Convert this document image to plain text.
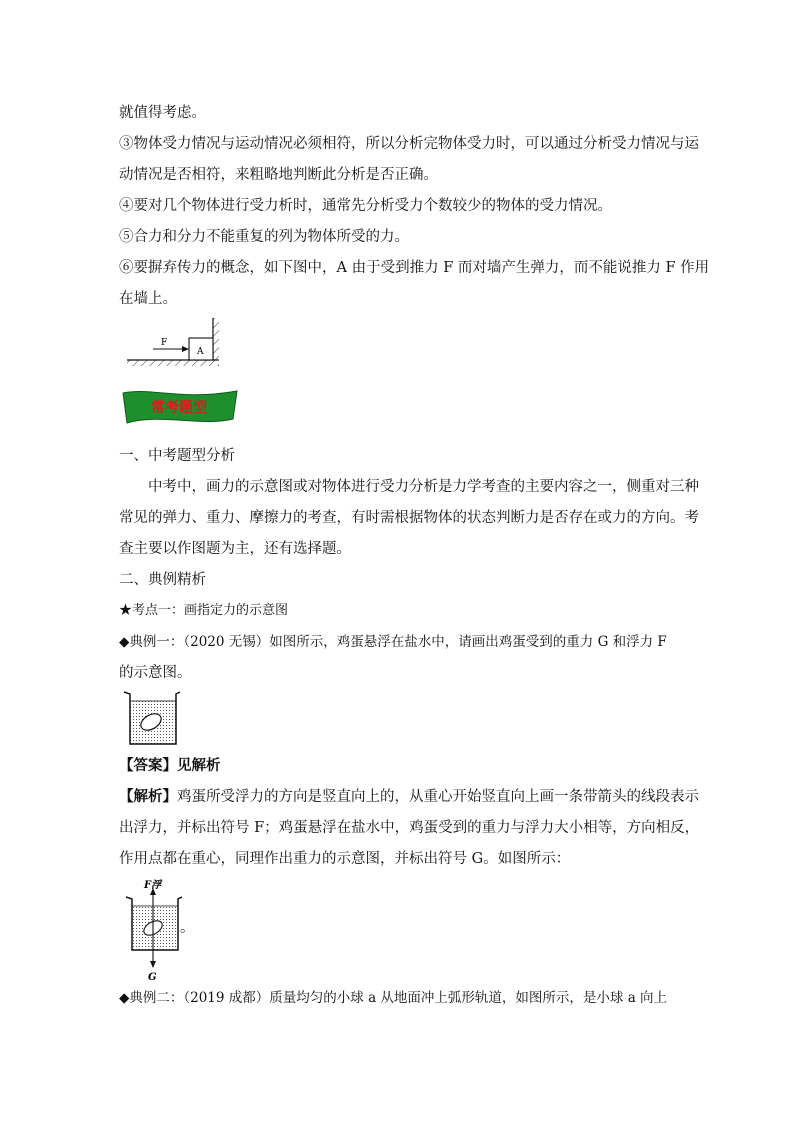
就值得考虑。
③物体受力情况与运动情况必须相符，所以分析完物体受力时，可以通过分析受力情况与运
动情况是否相符，来粗略地判断此分析是否正确。
④要对几个物体进行受力析时，通常先分析受力个数较少的物体的受力情况。
⑤合力和分力不能重复的列为物体所受的力。
⑥要摒弃传力的概念，如下图中，A 由于受到推力 F 而对墙产生弹力，而不能说推力 F 作用
在墙上。
F
A
常考题型
一、中考题型分析
中考中，画力的示意图或对物体进行受力分析是力学考查的主要内容之一，侧重对三种
常见的弹力、重力、摩擦力的考查，有时需根据物体的状态判断力是否存在或力的方向。考
查主要以作图题为主，还有选择题。
二、典例精析
★考点一：画指定力的示意图
◆典例一：（2020 无锡）如图所示，鸡蛋悬浮在盐水中，请画出鸡蛋受到的重力 G 和浮力 F
的示意图。
【答案】见解析
【解析】鸡蛋所受浮力的方向是竖直向上的，从重心开始竖直向上画一条带箭头的线段表示
出浮力，并标出符号 F；鸡蛋悬浮在盐水中，鸡蛋受到的重力与浮力大小相等，方向相反，
作用点都在重心，同理作出重力的示意图，并标出符号 G。如图所示：
F浮
G
。
◆典例二：（2019 成都）质量均匀的小球 a 从地面冲上弧形轨道，如图所示，是小球 a 向上
